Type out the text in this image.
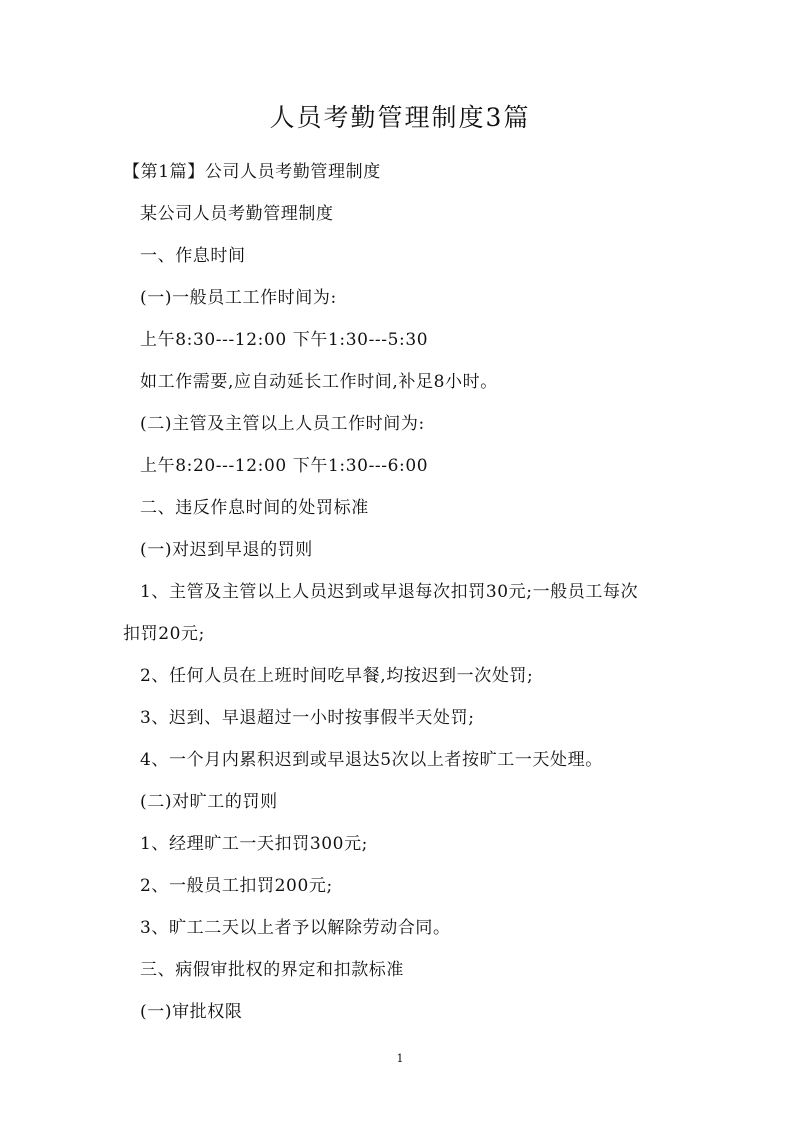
人员考勤管理制度3篇
【第1篇】公司人员考勤管理制度
某公司人员考勤管理制度
一、作息时间
(一)一般员工工作时间为:
上午8:30---12:00 下午1:30---5:30
如工作需要,应自动延长工作时间,补足8小时。
(二)主管及主管以上人员工作时间为:
上午8:20---12:00 下午1:30---6:00
二、违反作息时间的处罚标准
(一)对迟到早退的罚则
1、主管及主管以上人员迟到或早退每次扣罚30元;一般员工每次
扣罚20元;
2、任何人员在上班时间吃早餐,均按迟到一次处罚;
3、迟到、早退超过一小时按事假半天处罚;
4、一个月内累积迟到或早退达5次以上者按旷工一天处理。
(二)对旷工的罚则
1、经理旷工一天扣罚300元;
2、一般员工扣罚200元;
3、旷工二天以上者予以解除劳动合同。
三、病假审批权的界定和扣款标准
(一)审批权限
1
